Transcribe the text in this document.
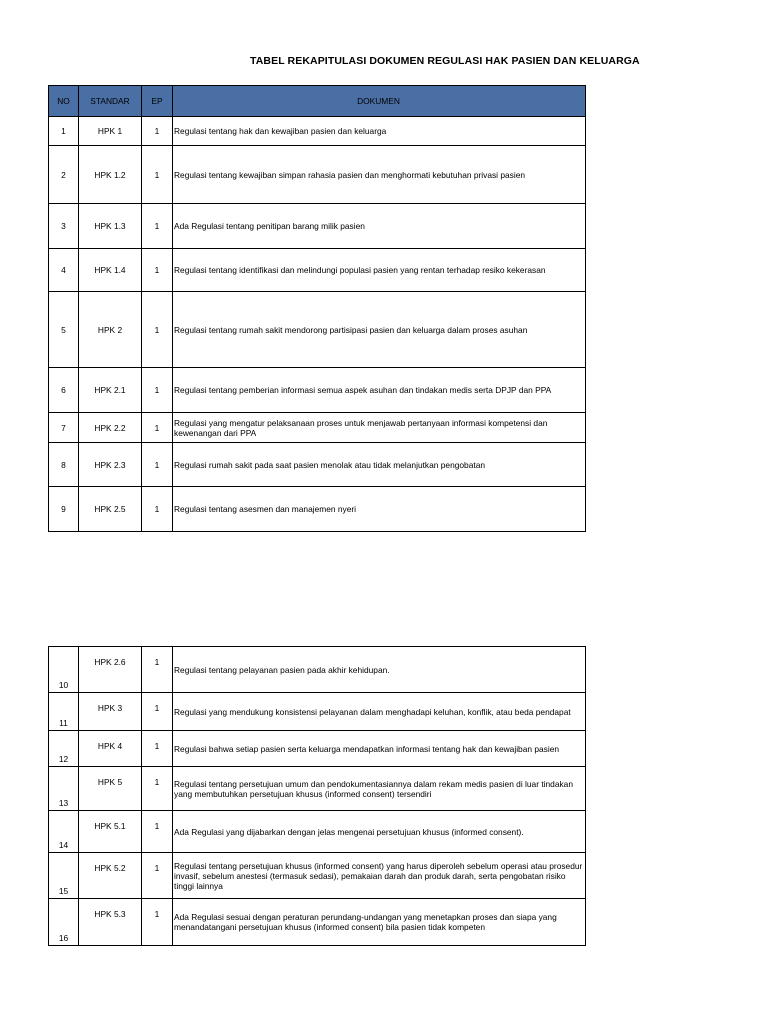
TABEL REKAPITULASI DOKUMEN REGULASI HAK PASIEN DAN KELUARGA
NO	STANDAR	EP	DOKUMEN
1	HPK 1	1	Regulasi tentang hak dan kewajiban pasien dan keluarga
2	HPK 1.2	1	Regulasi tentang kewajiban simpan rahasia pasien dan menghormati kebutuhan privasi pasien
3	HPK 1.3	1	Ada Regulasi tentang penitipan barang milik pasien
4	HPK 1.4	1	Regulasi tentang identifikasi dan melindungi populasi pasien yang rentan terhadap resiko kekerasan
5	HPK 2	1	Regulasi tentang rumah sakit mendorong partisipasi pasien dan keluarga dalam proses asuhan
6	HPK 2.1	1	Regulasi tentang pemberian informasi semua aspek asuhan dan tindakan medis serta DPJP dan PPA
7	HPK 2.2	1	Regulasi yang mengatur pelaksanaan proses untuk menjawab pertanyaan informasi kompetensi dan kewenangan dari PPA
8	HPK 2.3	1	Regulasi rumah sakit pada saat pasien menolak atau tidak melanjutkan pengobatan
9	HPK 2.5	1	Regulasi tentang asesmen dan manajemen nyeri
10	HPK 2.6	1	Regulasi tentang pelayanan pasien pada akhir kehidupan.
11	HPK 3	1	Regulasi yang mendukung konsistensi pelayanan dalam menghadapi keluhan, konflik, atau beda pendapat
12	HPK 4	1	Regulasi bahwa setiap pasien serta keluarga mendapatkan informasi tentang hak dan kewajiban pasien
13	HPK 5	1	Regulasi tentang persetujuan umum dan pendokumentasiannya dalam rekam medis pasien di luar tindakan yang membutuhkan persetujuan khusus (informed consent) tersendiri
14	HPK 5.1	1	Ada Regulasi yang dijabarkan dengan jelas mengenai persetujuan khusus (informed consent).
15	HPK 5.2	1	Regulasi tentang persetujuan khusus (informed consent) yang harus diperoleh sebelum operasi atau prosedur invasif, sebelum anestesi (termasuk sedasi), pemakaian darah dan produk darah, serta pengobatan risiko tinggi lainnya
16	HPK 5.3	1	Ada Regulasi sesuai dengan peraturan perundang-undangan yang menetapkan proses dan siapa yang menandatangani persetujuan khusus (informed consent) bila pasien tidak kompeten
